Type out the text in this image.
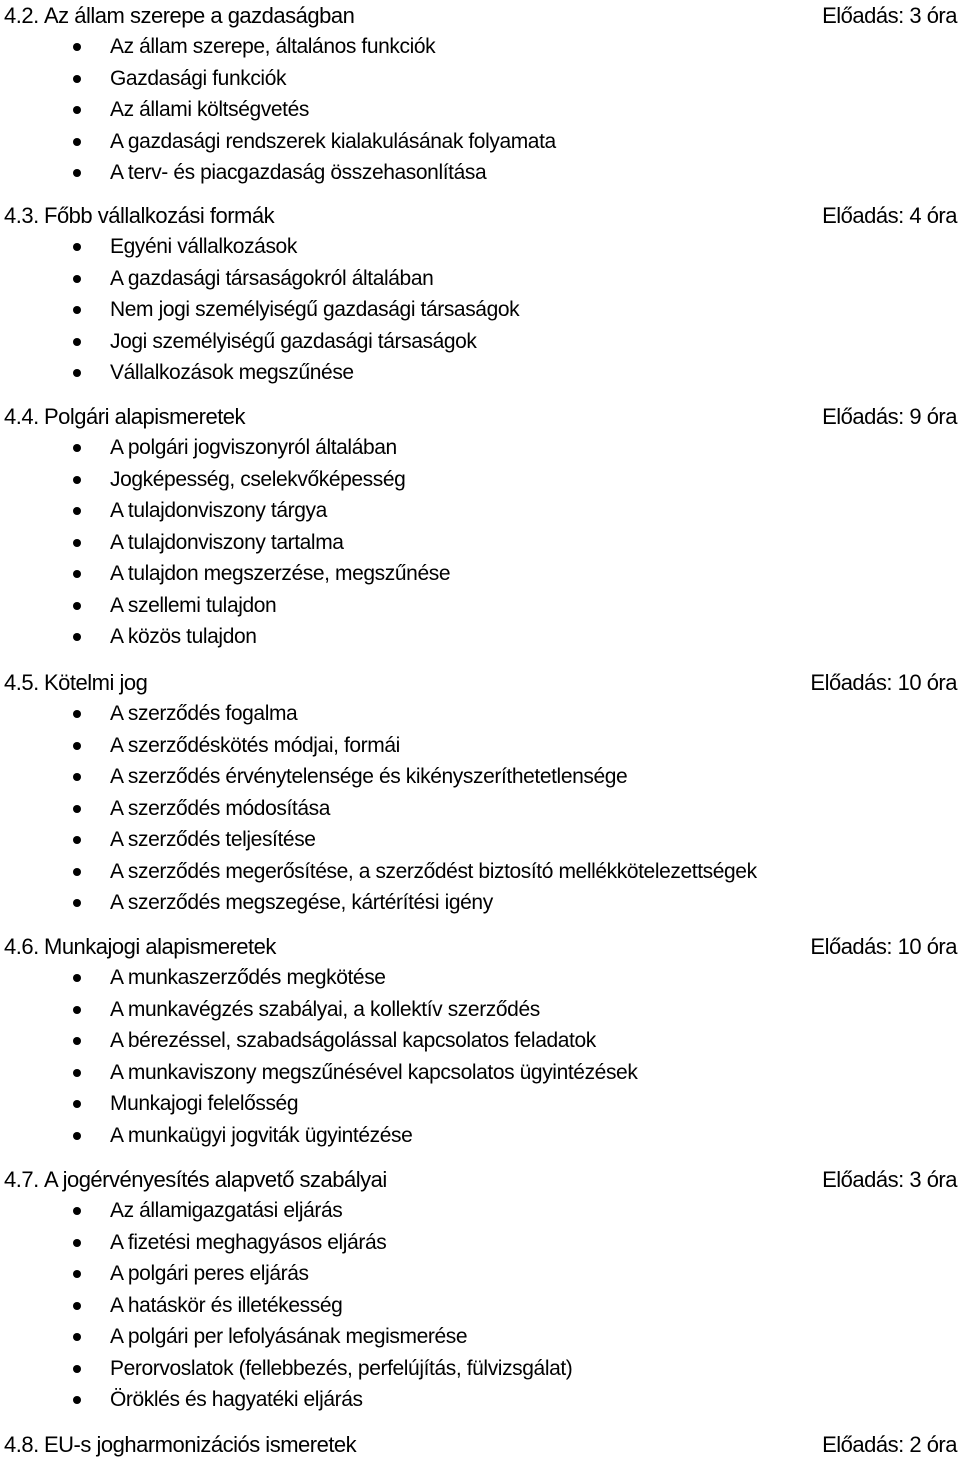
4.2. Az állam szerepe a gazdaságban	Előadás: 3 óra
Az állam szerepe, általános funkciók
Gazdasági funkciók
Az állami költségvetés
A gazdasági rendszerek kialakulásának folyamata
A terv- és piacgazdaság összehasonlítása
4.3. Főbb vállalkozási formák	Előadás: 4 óra
Egyéni vállalkozások
A gazdasági társaságokról általában
Nem jogi személyiségű gazdasági társaságok
Jogi személyiségű gazdasági társaságok
Vállalkozások megszűnése
4.4. Polgári alapismeretek	Előadás: 9 óra
A polgári jogviszonyról általában
Jogképesség, cselekvőképesség
A tulajdonviszony tárgya
A tulajdonviszony tartalma
A tulajdon megszerzése, megszűnése
A szellemi tulajdon
A közös tulajdon
4.5. Kötelmi jog	Előadás: 10 óra
A szerződés fogalma
A szerződéskötés módjai, formái
A szerződés érvénytelensége és kikényszeríthetetlensége
A szerződés módosítása
A szerződés teljesítése
A szerződés megerősítése, a szerződést biztosító mellékkötelezettségek
A szerződés megszegése, kártérítési igény
4.6. Munkajogi alapismeretek	Előadás: 10 óra
A munkaszerződés megkötése
A munkavégzés szabályai, a kollektív szerződés
A bérezéssel, szabadságolással kapcsolatos feladatok
A munkaviszony megszűnésével kapcsolatos ügyintézések
Munkajogi felelősség
A munkaügyi jogviták ügyintézése
4.7. A jogérvényesítés alapvető szabályai	Előadás: 3 óra
Az államigazgatási eljárás
A fizetési meghagyásos eljárás
A polgári peres eljárás
A hatáskör és illetékesség
A polgári per lefolyásának megismerése
Perorvoslatok (fellebbezés, perfelújítás, fülvizsgálat)
Öröklés és hagyatéki eljárás
4.8. EU-s jogharmonizációs ismeretek	Előadás: 2 óra
